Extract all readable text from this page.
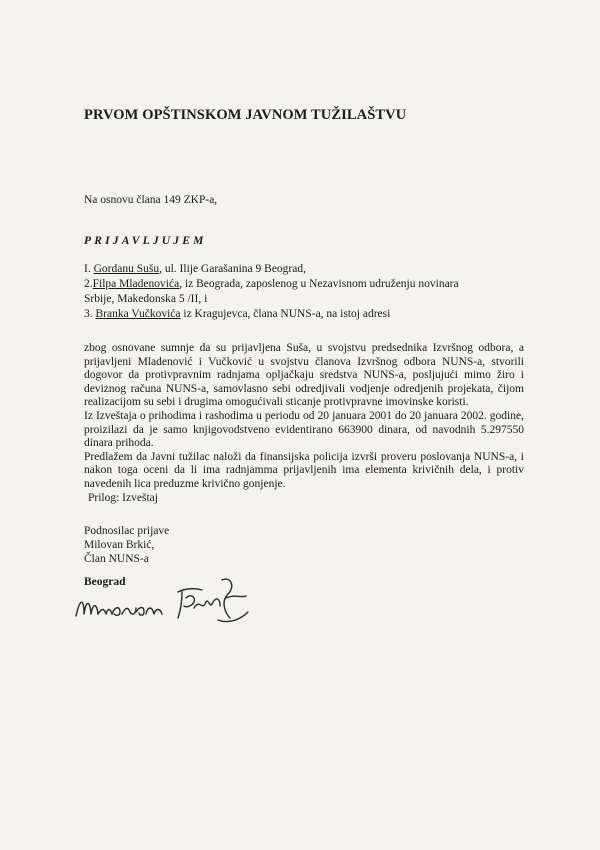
PRVOM OPŠTINSKOM JAVNOM TUŽILAŠTVU
Na osnovu člana 149 ZKP-a,
PRIJAVLJUJEM
I. Gordanu Sušu, ul. Ilije Garašanina 9 Beograd,
2.Filpa Mladenovića, iz Beograda, zaposlenog u Nezavisnom udruženju novinara
Srbije, Makedonska 5 /II, i
3. Branka Vučkovića iz Kragujevca, člana NUNS-a, na istoj adresi

zbog osnovane sumnje da su prijavljena Suša, u svojstvu predsednika Izvršnog odbora, a prijavljeni Mladenović i Vučković u svojstvu članova Izvršnog odbora NUNS-a, stvorili dogovor da protivpravnim radnjama opljačkaju sredstva NUNS-a, posljujući mimo žiro i deviznog računa NUNS-a, samovlasno sebi odredjivali vodjenje odredjenih projekata, čijom realizacijom su sebi i drugima omogućivali sticanje protivpravne imovinske koristi.

Iz Izveštaja o prihodima i rashodima u periodu od 20 januara 2001 do 20 januara 2002. godine, proizilazi da je samo knjigovodstveno evidentirano 663900 dinara, od navodnih 5.297550 dinara prihoda.

Predlažem da Javni tužilac naloži da finansijska policija izvrši proveru poslovanja NUNS-a, i nakon toga oceni da li ima radnjamma prijavljenih ima elementa krivičnih dela, i protiv navedenih lica preduzme krivično gonjenje.

Prilog: Izveštaj

Podnosilac prijave
Milovan Brkić,
Član NUNS-a
Beograd
